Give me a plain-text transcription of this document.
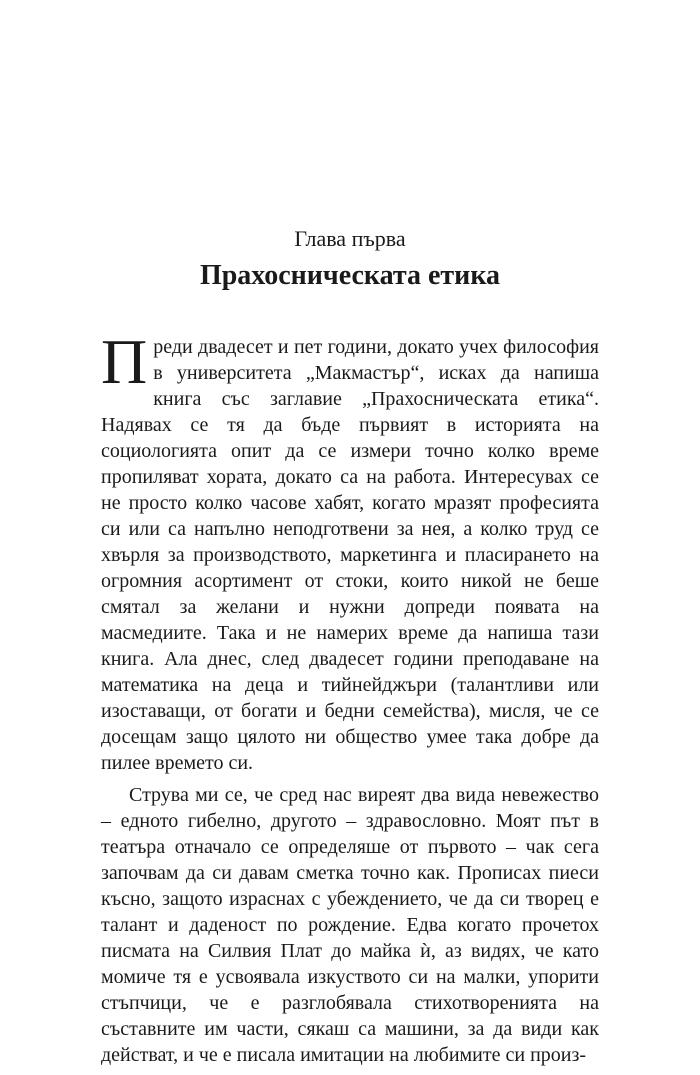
Глава първа
Прахосническата етика

Преди двадесет и пет години, докато учех философия в университета „Макмастър“, исках да напиша книга със заглавие „Прахосническата етика“. Надявах се тя да бъде първият в историята на социологията опит да се измери точно колко време пропиляват хората, докато са на работа. Интересувах се не просто колко часове хабят, когато мразят професията си или са напълно неподготвени за нея, а колко труд се хвърля за производството, маркетинга и пласирането на огромния асортимент от стоки, които никой не беше смятал за желани и нужни допреди появата на масмедиите. Така и не намерих време да напиша тази книга. Ала днес, след двадесет години преподаване на математика на деца и тийнейджъри (талантливи или изоставащи, от богати и бедни семейства), мисля, че се досещам защо цялото ни общество умее така добре да пилее времето си.

Струва ми се, че сред нас виреят два вида невежество – едното гибелно, другото – здравословно. Моят път в театъра отначало се определяше от първото – чак сега започвам да си давам сметка точно как. Прописах пиеси късно, защото израснах с убеждението, че да си творец е талант и даденост по рождение. Едва когато прочетох писмата на Силвия Плат до майка ѝ, аз видях, че като момиче тя е усвоявала изкуството си на малки, упорити стъпчици, че е разглобявала стихотворенията на съставните им части, сякаш са машини, за да види как действат, и че е писала имитации на любимите си произ-
